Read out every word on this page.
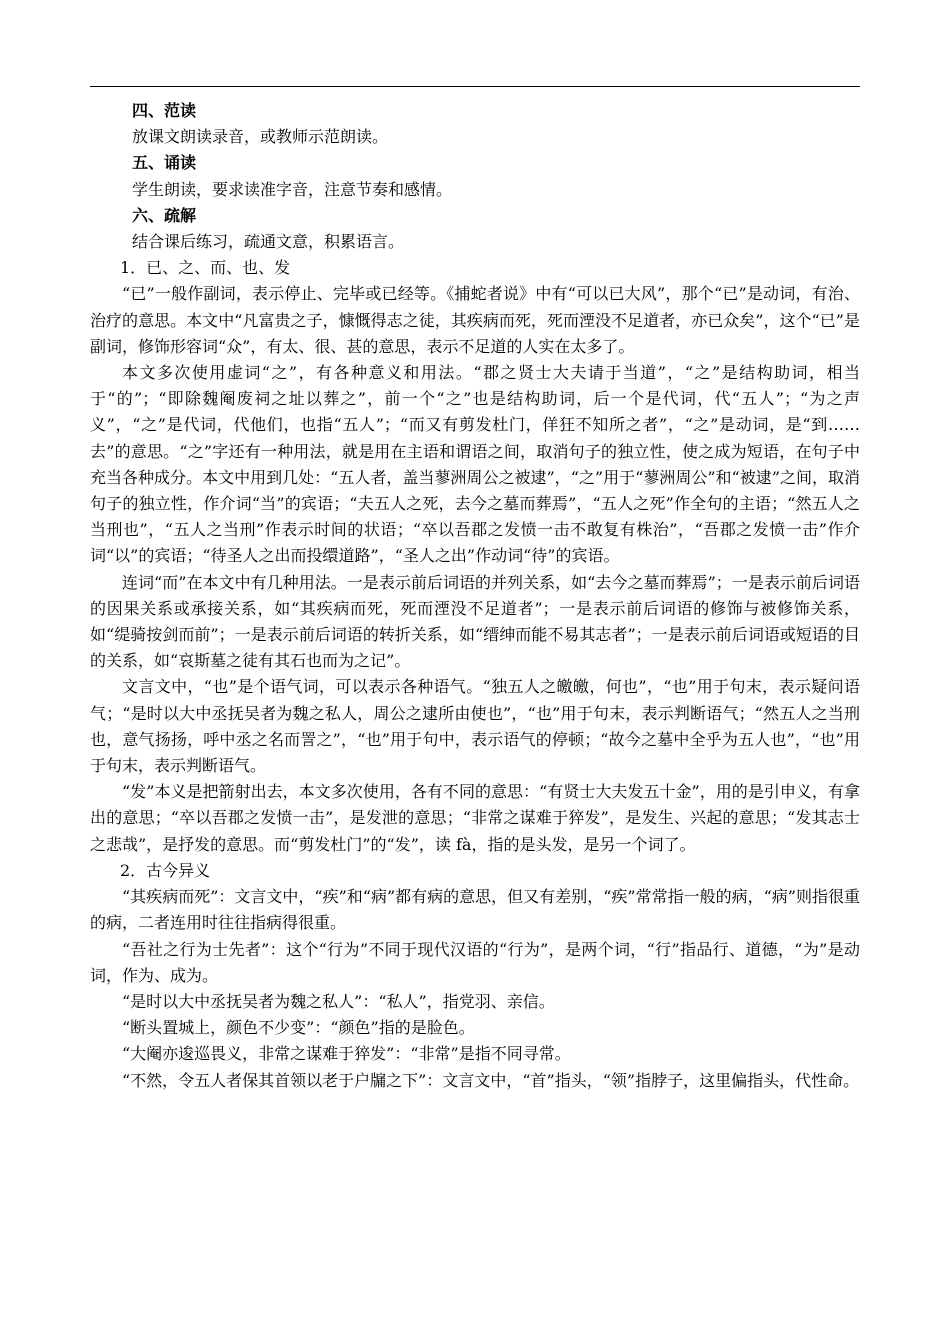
四、范读

放课文朗读录音，或教师示范朗读。

五、诵读

学生朗读，要求读准字音，注意节奏和感情。

六、疏解

结合课后练习，疏通文意，积累语言。

1．已、之、而、也、发

“已”一般作副词，表示停止、完毕或已经等。《捕蛇者说》中有“可以已大风”，那个“已”是动词，有治、治疗的意思。本文中“凡富贵之子，慷慨得志之徒，其疾病而死，死而湮没不足道者，亦已众矣”，这个“已”是副词，修饰形容词“众”，有太、很、甚的意思，表示不足道的人实在太多了。

本文多次使用虚词“之”，有各种意义和用法。“郡之贤士大夫请于当道”，“之”是结构助词，相当于“的”；“即除魏阉废祠之址以葬之”，前一个“之”也是结构助词，后一个是代词，代“五人”；“为之声义”，“之”是代词，代他们，也指“五人”；“而又有剪发杜门，佯狂不知所之者”，“之”是动词，是“到……去”的意思。“之”字还有一种用法，就是用在主语和谓语之间，取消句子的独立性，使之成为短语，在句子中充当各种成分。本文中用到几处：“五人者，盖当蓼洲周公之被逮”，“之”用于“蓼洲周公”和“被逮”之间，取消句子的独立性，作介词“当”的宾语；“夫五人之死，去今之墓而葬焉”，“五人之死”作全句的主语；“然五人之当刑也”，“五人之当刑”作表示时间的状语；“卒以吾郡之发愤一击不敢复有株治”，“吾郡之发愤一击”作介词“以”的宾语；“待圣人之出而投缳道路”，“圣人之出”作动词“待”的宾语。

连词“而”在本文中有几种用法。一是表示前后词语的并列关系，如“去今之墓而葬焉”；一是表示前后词语的因果关系或承接关系，如“其疾病而死，死而湮没不足道者”；一是表示前后词语的修饰与被修饰关系，如“缇骑按剑而前”；一是表示前后词语的转折关系，如“缙绅而能不易其志者”；一是表示前后词语或短语的目的关系，如“哀斯墓之徒有其石也而为之记”。

文言文中，“也”是个语气词，可以表示各种语气。“独五人之皦皦，何也”，“也”用于句末，表示疑问语气；“是时以大中丞抚吴者为魏之私人，周公之逮所由使也”，“也”用于句末，表示判断语气；“然五人之当刑也，意气扬扬，呼中丞之名而詈之”，“也”用于句中，表示语气的停顿；“故今之墓中全乎为五人也”，“也”用于句末，表示判断语气。

“发”本义是把箭射出去，本文多次使用，各有不同的意思：“有贤士大夫发五十金”，用的是引申义，有拿出的意思；“卒以吾郡之发愤一击”，是发泄的意思；“非常之谋难于猝发”，是发生、兴起的意思；“发其志士之悲哉”，是抒发的意思。而“剪发杜门”的“发”，读 fà，指的是头发，是另一个词了。

2．古今异义

“其疾病而死”：文言文中，“疾”和“病”都有病的意思，但又有差别，“疾”常常指一般的病，“病”则指很重的病，二者连用时往往指病得很重。

“吾社之行为士先者”：这个“行为”不同于现代汉语的“行为”，是两个词，“行”指品行、道德，“为”是动词，作为、成为。

“是时以大中丞抚吴者为魏之私人”：“私人”，指党羽、亲信。

“断头置城上，颜色不少变”：“颜色”指的是脸色。

“大阉亦逡巡畏义，非常之谋难于猝发”：“非常”是指不同寻常。

“不然，令五人者保其首领以老于户牖之下”：文言文中，“首”指头，“领”指脖子，这里偏指头，代性命。
